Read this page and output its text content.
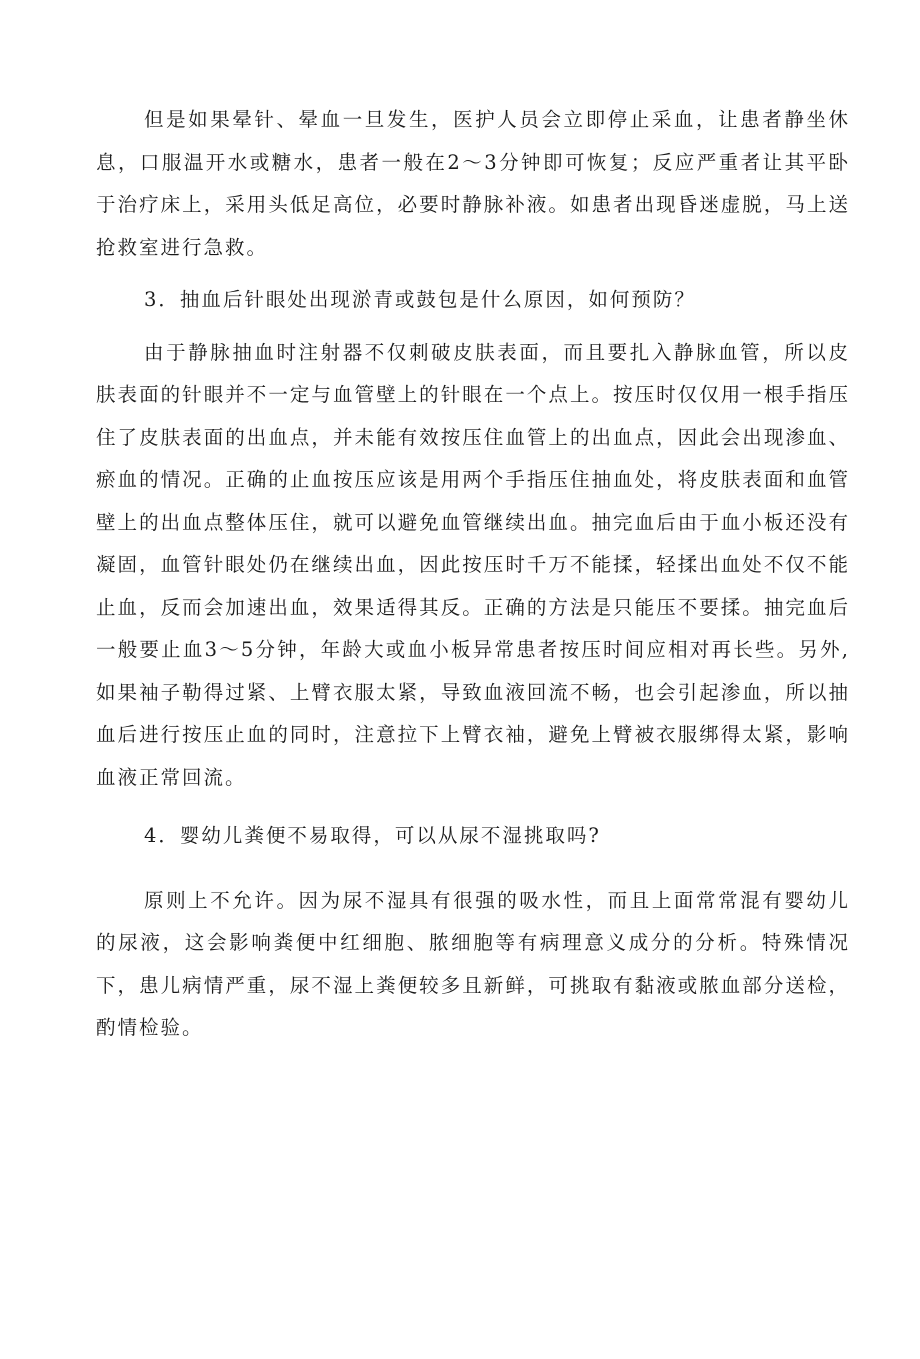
但是如果晕针、晕血一旦发生，医护人员会立即停止采血，让患者静坐休息，口服温开水或糖水，患者一般在2～3分钟即可恢复；反应严重者让其平卧于治疗床上，采用头低足高位，必要时静脉补液。如患者出现昏迷虚脱，马上送抢救室进行急救。

3．抽血后针眼处出现淤青或鼓包是什么原因，如何预防？

由于静脉抽血时注射器不仅刺破皮肤表面，而且要扎入静脉血管，所以皮肤表面的针眼并不一定与血管壁上的针眼在一个点上。按压时仅仅用一根手指压住了皮肤表面的出血点，并未能有效按压住血管上的出血点，因此会出现渗血、瘀血的情况。正确的止血按压应该是用两个手指压住抽血处，将皮肤表面和血管壁上的出血点整体压住，就可以避免血管继续出血。抽完血后由于血小板还没有凝固，血管针眼处仍在继续出血，因此按压时千万不能揉，轻揉出血处不仅不能止血，反而会加速出血，效果适得其反。正确的方法是只能压不要揉。抽完血后一般要止血3～5分钟，年龄大或血小板异常患者按压时间应相对再长些。另外,如果袖子勒得过紧、上臂衣服太紧，导致血液回流不畅，也会引起渗血，所以抽血后进行按压止血的同时，注意拉下上臂衣袖，避免上臂被衣服绑得太紧，影响血液正常回流。

4．婴幼儿粪便不易取得，可以从尿不湿挑取吗?

原则上不允许。因为尿不湿具有很强的吸水性，而且上面常常混有婴幼儿的尿液，这会影响粪便中红细胞、脓细胞等有病理意义成分的分析。特殊情况下，患儿病情严重，尿不湿上粪便较多且新鲜，可挑取有黏液或脓血部分送检，酌情检验。
